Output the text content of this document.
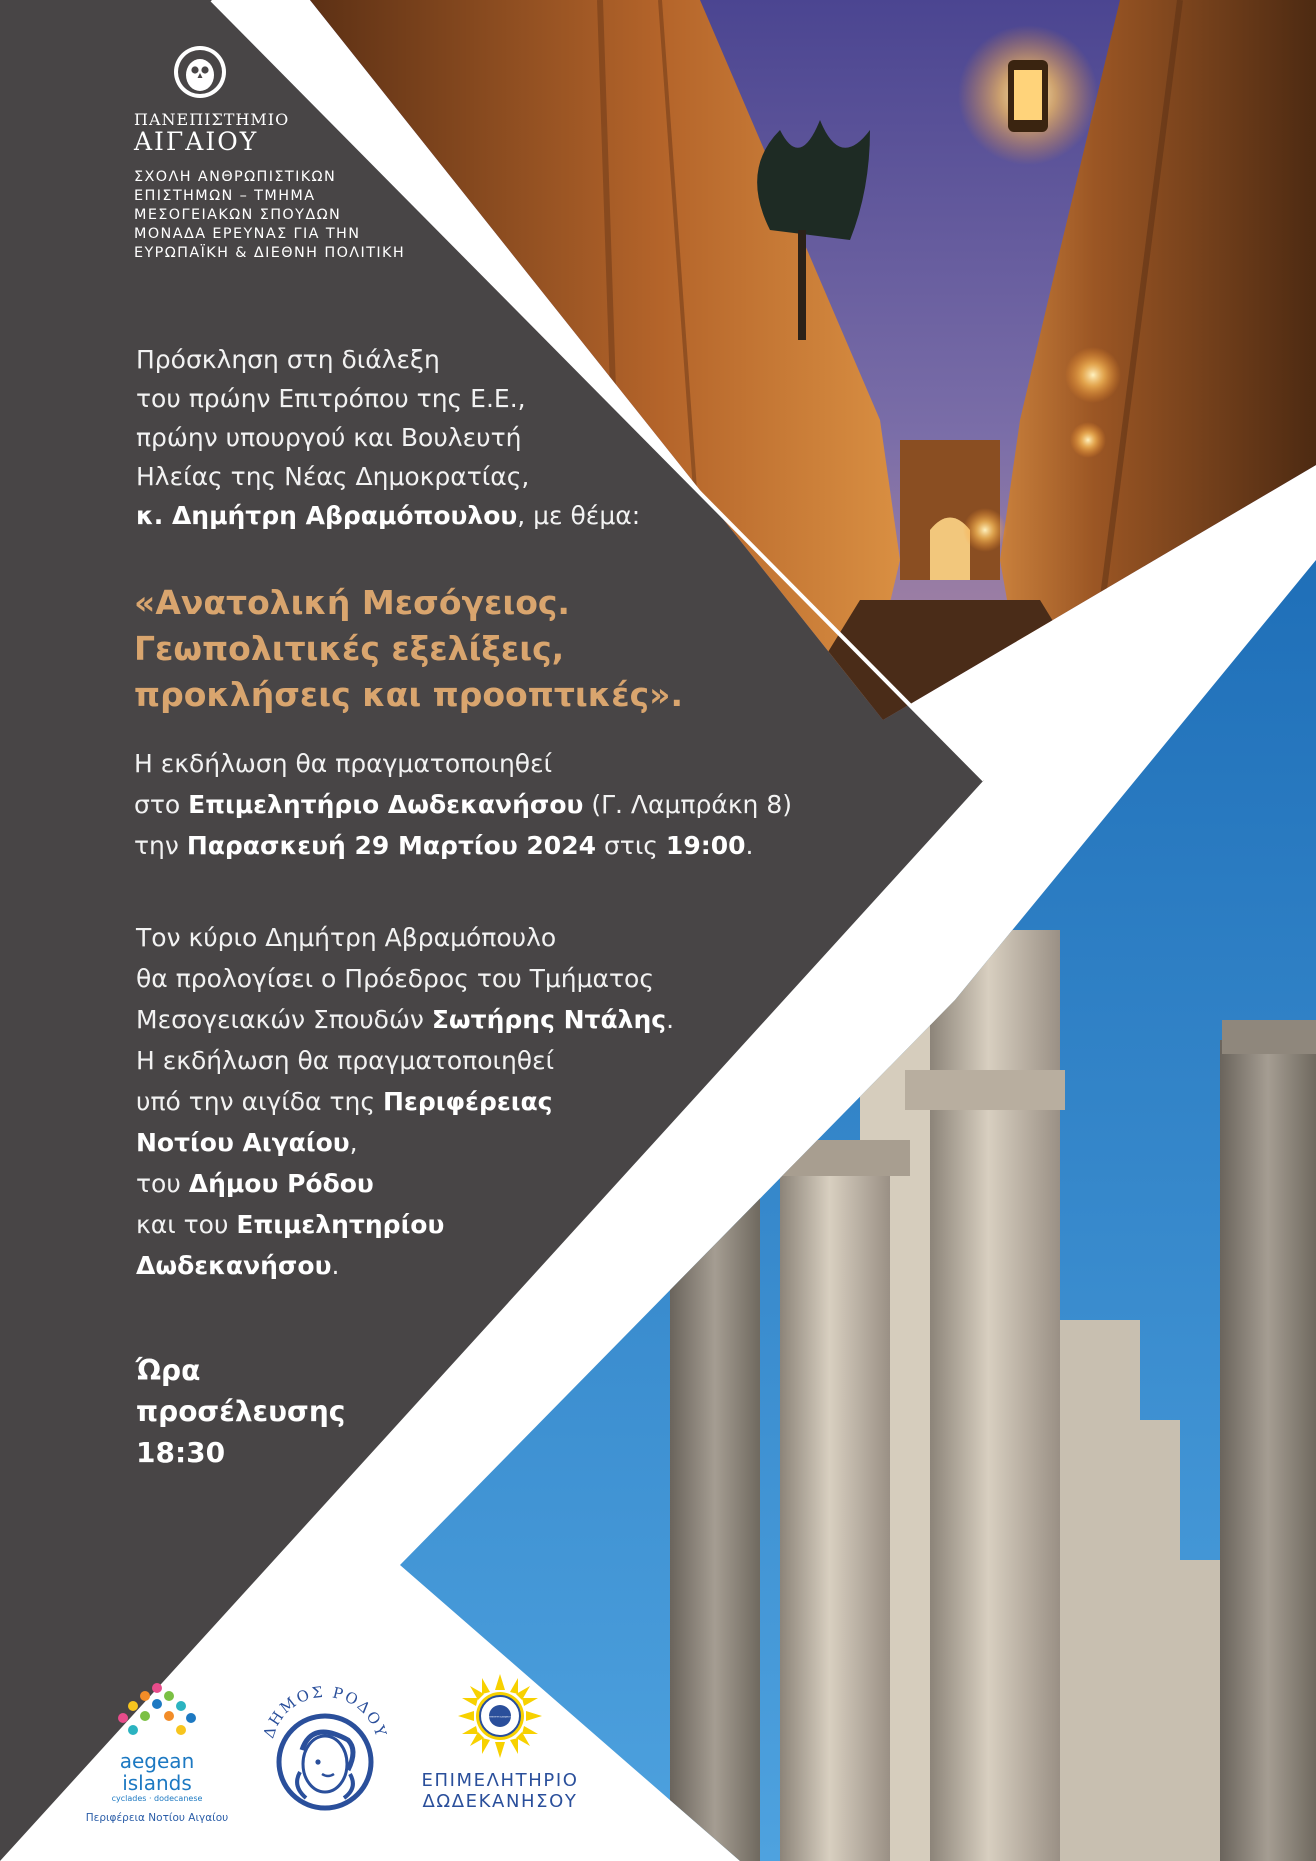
ΠΑΝΕΠΙΣΤΗΜΙΟ
ΑΙΓΑΙΟΥ
ΣΧΟΛΗ ΑΝΘΡΩΠΙΣΤΙΚΩΝ
ΕΠΙΣΤΗΜΩΝ – ΤΜΗΜΑ
ΜΕΣΟΓΕΙΑΚΩΝ ΣΠΟΥΔΩΝ
ΜΟΝΑΔΑ ΕΡΕΥΝΑΣ ΓΙΑ ΤΗΝ
ΕΥΡΩΠΑΪΚΗ & ΔΙΕΘΝΗ ΠΟΛΙΤΙΚΗ
Πρόσκληση στη διάλεξη
του πρώην Επιτρόπου της Ε.Ε.,
πρώην υπουργού και Βουλευτή
Ηλείας της Νέας Δημοκρατίας,
κ. Δημήτρη Αβραμόπουλου, με θέμα:
«Ανατολική Μεσόγειος.
Γεωπολιτικές εξελίξεις,
προκλήσεις και προοπτικές».
Η εκδήλωση θα πραγματοποιηθεί
στο Επιμελητήριο Δωδεκανήσου (Γ. Λαμπράκη 8)
την Παρασκευή 29 Μαρτίου 2024 στις 19:00.
Τον κύριο Δημήτρη Αβραμόπουλο
θα προλογίσει ο Πρόεδρος του Τμήματος
Μεσογειακών Σπουδών Σωτήρης Ντάλης.
Η εκδήλωση θα πραγματοποιηθεί
υπό την αιγίδα της Περιφέρειας
Νοτίου Αιγαίου,
του Δήμου Ρόδου
και του Επιμελητηρίου
Δωδεκανήσου.
Ώρα
προσέλευσης
18:30
aegean islands
cyclades · dodecanese
Περιφέρεια Νοτίου Αιγαίου
ΔΗΜΟΣ ΡΟΔΟΥ
ΕΠΙΜΕΛΗΤΗΡΙΟ ΔΩΔΕΚΑΝΗΣΟΥ
ΕΠΙΜΕΛΗΤΗΡΙΟ
ΔΩΔΕΚΑΝΗΣΟΥ
